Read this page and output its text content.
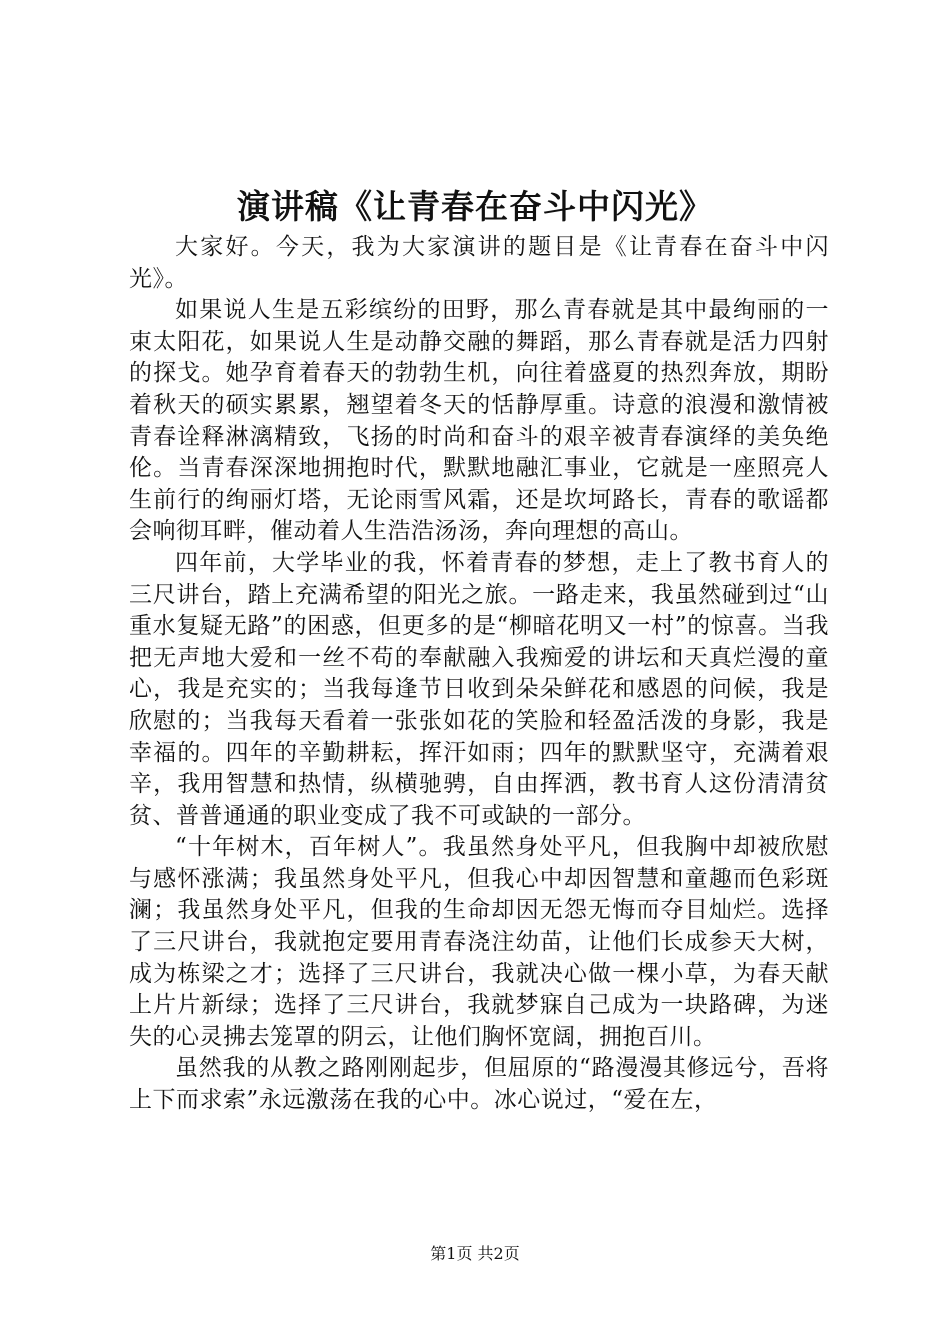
演讲稿《让青春在奋斗中闪光》

大家好。今天，我为大家演讲的题目是《让青春在奋斗中闪光》。

如果说人生是五彩缤纷的田野，那么青春就是其中最绚丽的一束太阳花，如果说人生是动静交融的舞蹈，那么青春就是活力四射的探戈。她孕育着春天的勃勃生机，向往着盛夏的热烈奔放，期盼着秋天的硕实累累，翘望着冬天的恬静厚重。诗意的浪漫和激情被青春诠释淋漓精致，飞扬的时尚和奋斗的艰辛被青春演绎的美奂绝伦。当青春深深地拥抱时代，默默地融汇事业，它就是一座照亮人生前行的绚丽灯塔，无论雨雪风霜，还是坎坷路长，青春的歌谣都会响彻耳畔，催动着人生浩浩汤汤，奔向理想的高山。

四年前，大学毕业的我，怀着青春的梦想，走上了教书育人的三尺讲台，踏上充满希望的阳光之旅。一路走来，我虽然碰到过“山重水复疑无路”的困惑，但更多的是“柳暗花明又一村”的惊喜。当我把无声地大爱和一丝不苟的奉献融入我痴爱的讲坛和天真烂漫的童心，我是充实的；当我每逢节日收到朵朵鲜花和感恩的问候，我是欣慰的；当我每天看着一张张如花的笑脸和轻盈活泼的身影，我是幸福的。四年的辛勤耕耘，挥汗如雨；四年的默默坚守，充满着艰辛，我用智慧和热情，纵横驰骋，自由挥洒，教书育人这份清清贫贫、普普通通的职业变成了我不可或缺的一部分。

“十年树木，百年树人”。我虽然身处平凡，但我胸中却被欣慰与感怀涨满；我虽然身处平凡，但我心中却因智慧和童趣而色彩斑澜；我虽然身处平凡，但我的生命却因无怨无悔而夺目灿烂。选择了三尺讲台，我就抱定要用青春浇注幼苗，让他们长成参天大树，成为栋梁之才；选择了三尺讲台，我就决心做一棵小草，为春天献上片片新绿；选择了三尺讲台，我就梦寐自己成为一块路碑，为迷失的心灵拂去笼罩的阴云，让他们胸怀宽阔，拥抱百川。

虽然我的从教之路刚刚起步，但屈原的“路漫漫其修远兮，吾将上下而求索”永远激荡在我的心中。冰心说过，“爱在左，

第1页 共2页
